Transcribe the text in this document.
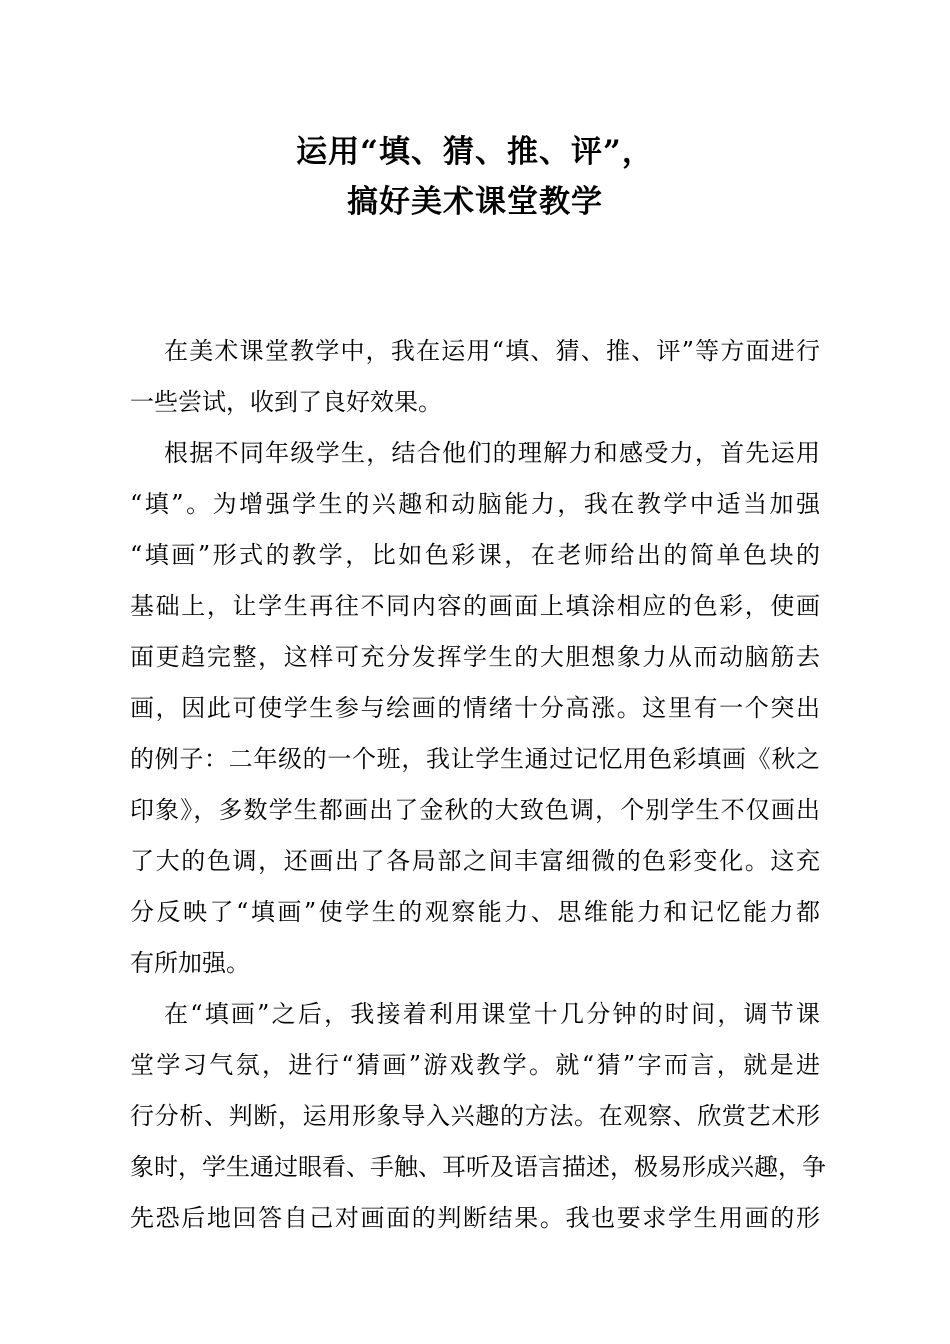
运用“填、猜、推、评”，
搞好美术课堂教学
在美术课堂教学中，我在运用“填、猜、推、评”等方面进行
一些尝试，收到了良好效果。
根据不同年级学生，结合他们的理解力和感受力，首先运用
“填”。为增强学生的兴趣和动脑能力，我在教学中适当加强
“填画”形式的教学，比如色彩课，在老师给出的简单色块的
基础上，让学生再往不同内容的画面上填涂相应的色彩，使画
面更趋完整，这样可充分发挥学生的大胆想象力从而动脑筋去
画，因此可使学生参与绘画的情绪十分高涨。这里有一个突出
的例子：二年级的一个班，我让学生通过记忆用色彩填画《秋之
印象》，多数学生都画出了金秋的大致色调，个别学生不仅画出
了大的色调，还画出了各局部之间丰富细微的色彩变化。这充
分反映了“填画”使学生的观察能力、思维能力和记忆能力都
有所加强。
在“填画”之后，我接着利用课堂十几分钟的时间，调节课
堂学习气氛，进行“猜画”游戏教学。就“猜”字而言，就是进
行分析、判断，运用形象导入兴趣的方法。在观察、欣赏艺术形
象时，学生通过眼看、手触、耳听及语言描述，极易形成兴趣，争
先恐后地回答自己对画面的判断结果。我也要求学生用画的形
